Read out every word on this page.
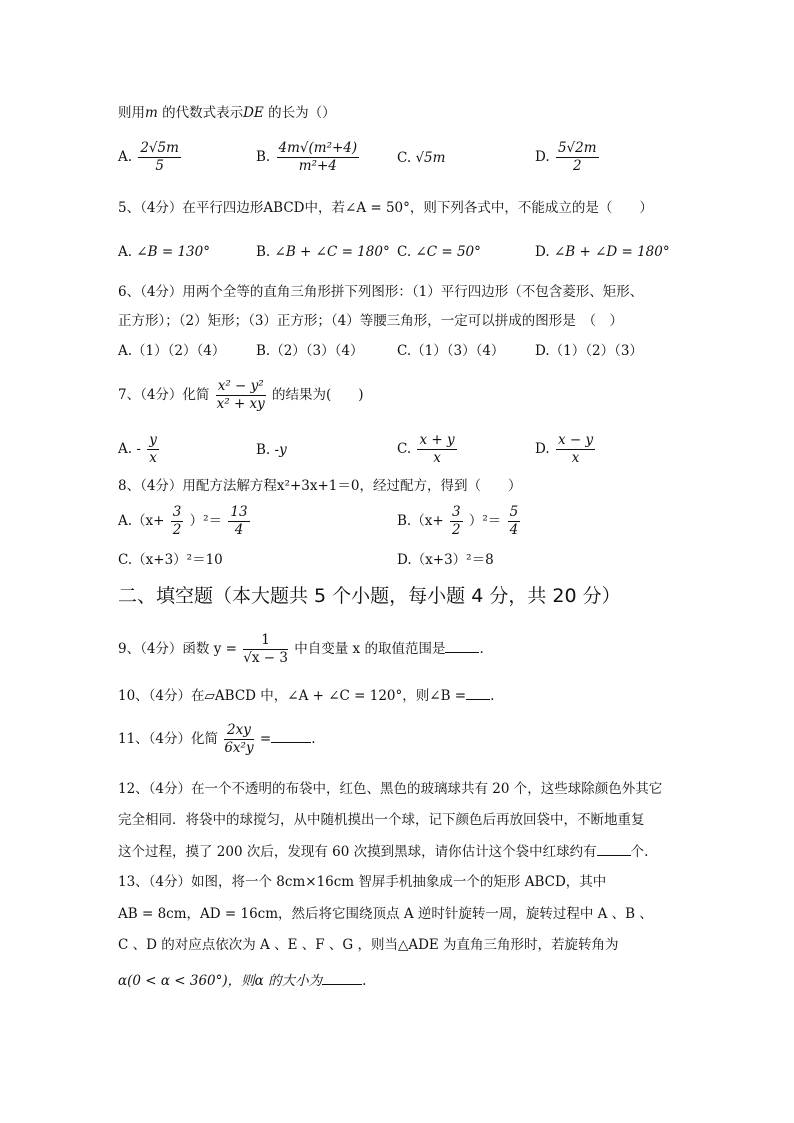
则用m 的代数式表示DE 的长为（）
A. $\frac{2√5m}{5}$	B. $\frac{\text{4m√(m²+4)}}{\text{m²+4}}$	C. √5m	D. $\frac{5√2m}{2}$
5、（4分）在平行四边形ABCD中，若∠A = 50°，则下列各式中，不能成立的是（　　）
A. ∠B = 130°	B. ∠B + ∠C = 180° C. ∠C = 50°	D. ∠B + ∠D = 180°
6、（4分）用两个全等的直角三角形拼下列图形：（1）平行四边形（不包含菱形、矩形、
正方形）；（2）矩形；（3）正方形；（4）等腰三角形，一定可以拼成的图形是　（　）
A.（1）（2）（4） B.（2）（3）（4） C.（1）（3）（4） D.（1）（2）（3）
7、（4分）化简 $\frac{\text{x² − y²}}{\text{x² + xy}}$ 的结果为(　　)
A. - $\frac{y}{x}$	B. -y	C. $\frac{x + y}{x}$	D. $\frac{x - y}{x}$
8、（4分）用配方法解方程x²+3x+1＝0，经过配方，得到（　　）
$A.(x+ \frac{3}{2} )^2= \frac{13}{4}$	$B.(x+ \frac{3}{2} )^2= \frac{5}{4}$
C.（x+3）²＝10	D.（x+3）²＝8
二、填空题（本大题共 5 个小题，每小题 4 分，共 20 分）
9、（4分）函数 $y = \frac{1}{√x - 3}$ 中自变量 x 的取值范围是	.
10、（4分）在▱ABCD 中，∠A + ∠C = 120°，则∠B = .
11、（4分）化简 $\frac{2xy}{\text{6x²y}}$ =	.
12、（4分）在一个不透明的布袋中，红色、黑色的玻璃球共有 20 个，这些球除颜色外其它
完全相同．将袋中的球搅匀，从中随机摸出一个球，记下颜色后再放回袋中，不断地重复
这个过程，摸了 200 次后，发现有 60 次摸到黑球，请你估计这个袋中红球约有	个.
13、（4分）如图，将一个 8cm×16cm 智屏手机抽象成一个的矩形 ABCD，其中
AB = 8cm，AD = 16cm，然后将它围绕顶点 A 逆时针旋转一周，旋转过程中 A 、B 、
C 、D 的对应点依次为 A 、E 、F 、G ，则当△ADE 为直角三角形时，若旋转角为
α(0 < α < 360°)，则α 的大小为	.
